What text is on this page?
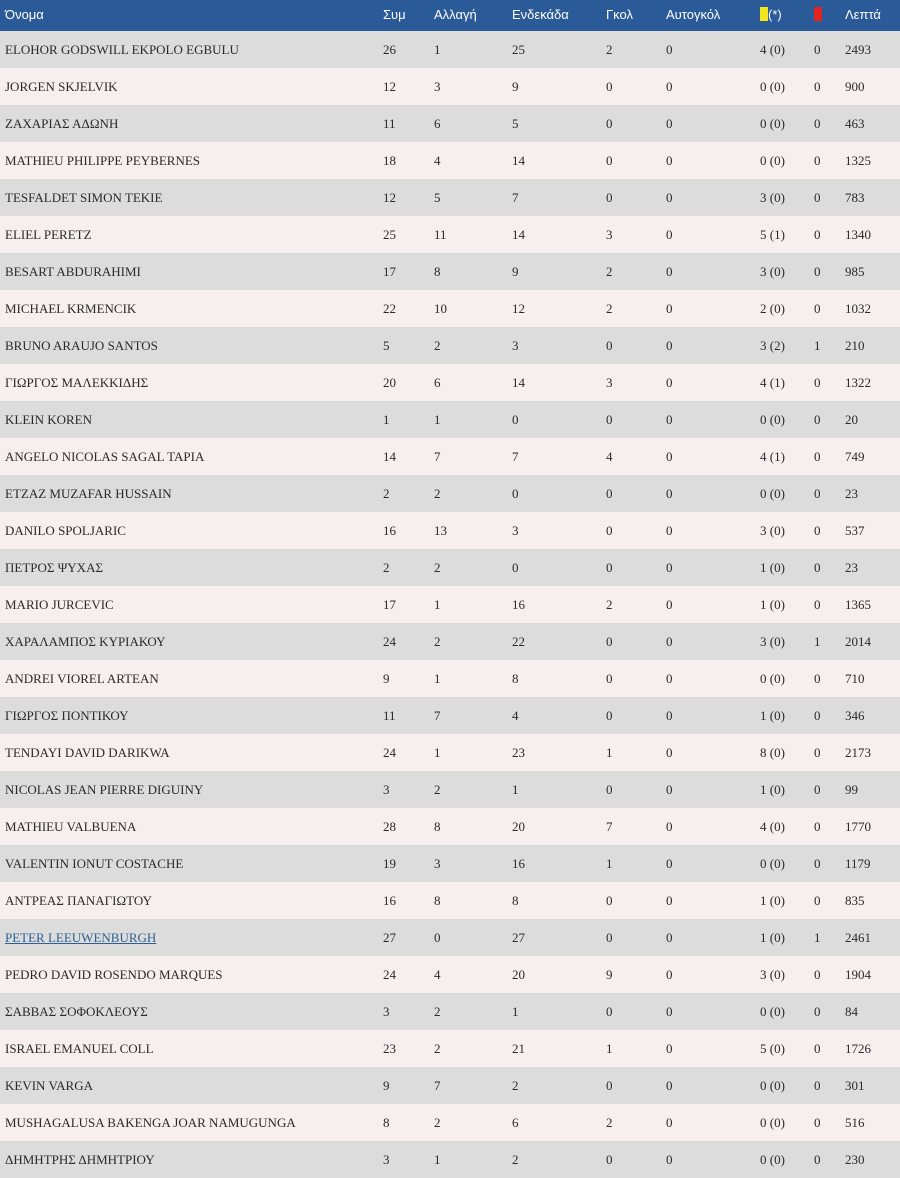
Όνομα	Συμ	Αλλαγή	Ενδεκάδα	Γκολ	Αυτογκόλ	(*)		Λεπτά
ELOHOR GODSWILL EKPOLO EGBULU	26	1	25	2	0	4 (0)	0	2493
JORGEN SKJELVIK	12	3	9	0	0	0 (0)	0	900
ΖΑΧΑΡΙΑΣ ΑΔΩΝΗ	11	6	5	0	0	0 (0)	0	463
MATHIEU PHILIPPE PEYBERNES	18	4	14	0	0	0 (0)	0	1325
TESFALDET SIMON TEKIE	12	5	7	0	0	3 (0)	0	783
ELIEL PERETZ	25	11	14	3	0	5 (1)	0	1340
BESART ABDURAHIMI	17	8	9	2	0	3 (0)	0	985
MICHAEL KRMENCIK	22	10	12	2	0	2 (0)	0	1032
BRUNO ARAUJO SANTOS	5	2	3	0	0	3 (2)	1	210
ΓΙΩΡΓΟΣ ΜΑΛΕΚΚΙΔΗΣ	20	6	14	3	0	4 (1)	0	1322
KLEIN KOREN	1	1	0	0	0	0 (0)	0	20
ANGELO NICOLAS SAGAL TAPIA	14	7	7	4	0	4 (1)	0	749
ETZAZ MUZAFAR HUSSAIN	2	2	0	0	0	0 (0)	0	23
DANILO SPOLJARIC	16	13	3	0	0	3 (0)	0	537
ΠΕΤΡΟΣ ΨΥΧΑΣ	2	2	0	0	0	1 (0)	0	23
MARIO JURCEVIC	17	1	16	2	0	1 (0)	0	1365
ΧΑΡΑΛΑΜΠΟΣ ΚΥΡΙΑΚΟΥ	24	2	22	0	0	3 (0)	1	2014
ANDREI VIOREL ARTEAN	9	1	8	0	0	0 (0)	0	710
ΓΙΩΡΓΟΣ ΠΟΝΤΙΚΟΥ	11	7	4	0	0	1 (0)	0	346
TENDAYI DAVID DARIKWA	24	1	23	1	0	8 (0)	0	2173
NICOLAS JEAN PIERRE DIGUINY	3	2	1	0	0	1 (0)	0	99
MATHIEU VALBUENA	28	8	20	7	0	4 (0)	0	1770
VALENTIN IONUT COSTACHE	19	3	16	1	0	0 (0)	0	1179
ΑΝΤΡΕΑΣ ΠΑΝΑΓΙΩΤΟΥ	16	8	8	0	0	1 (0)	0	835
PETER LEEUWENBURGH	27	0	27	0	0	1 (0)	1	2461
PEDRO DAVID ROSENDO MARQUES	24	4	20	9	0	3 (0)	0	1904
ΣΑΒΒΑΣ ΣΟΦΟΚΛΕΟΥΣ	3	2	1	0	0	0 (0)	0	84
ISRAEL EMANUEL COLL	23	2	21	1	0	5 (0)	0	1726
KEVIN VARGA	9	7	2	0	0	0 (0)	0	301
MUSHAGALUSA BAKENGA JOAR NAMUGUNGA	8	2	6	2	0	0 (0)	0	516
ΔΗΜΗΤΡΗΣ ΔΗΜΗΤΡΙΟΥ	3	1	2	0	0	0 (0)	0	230
